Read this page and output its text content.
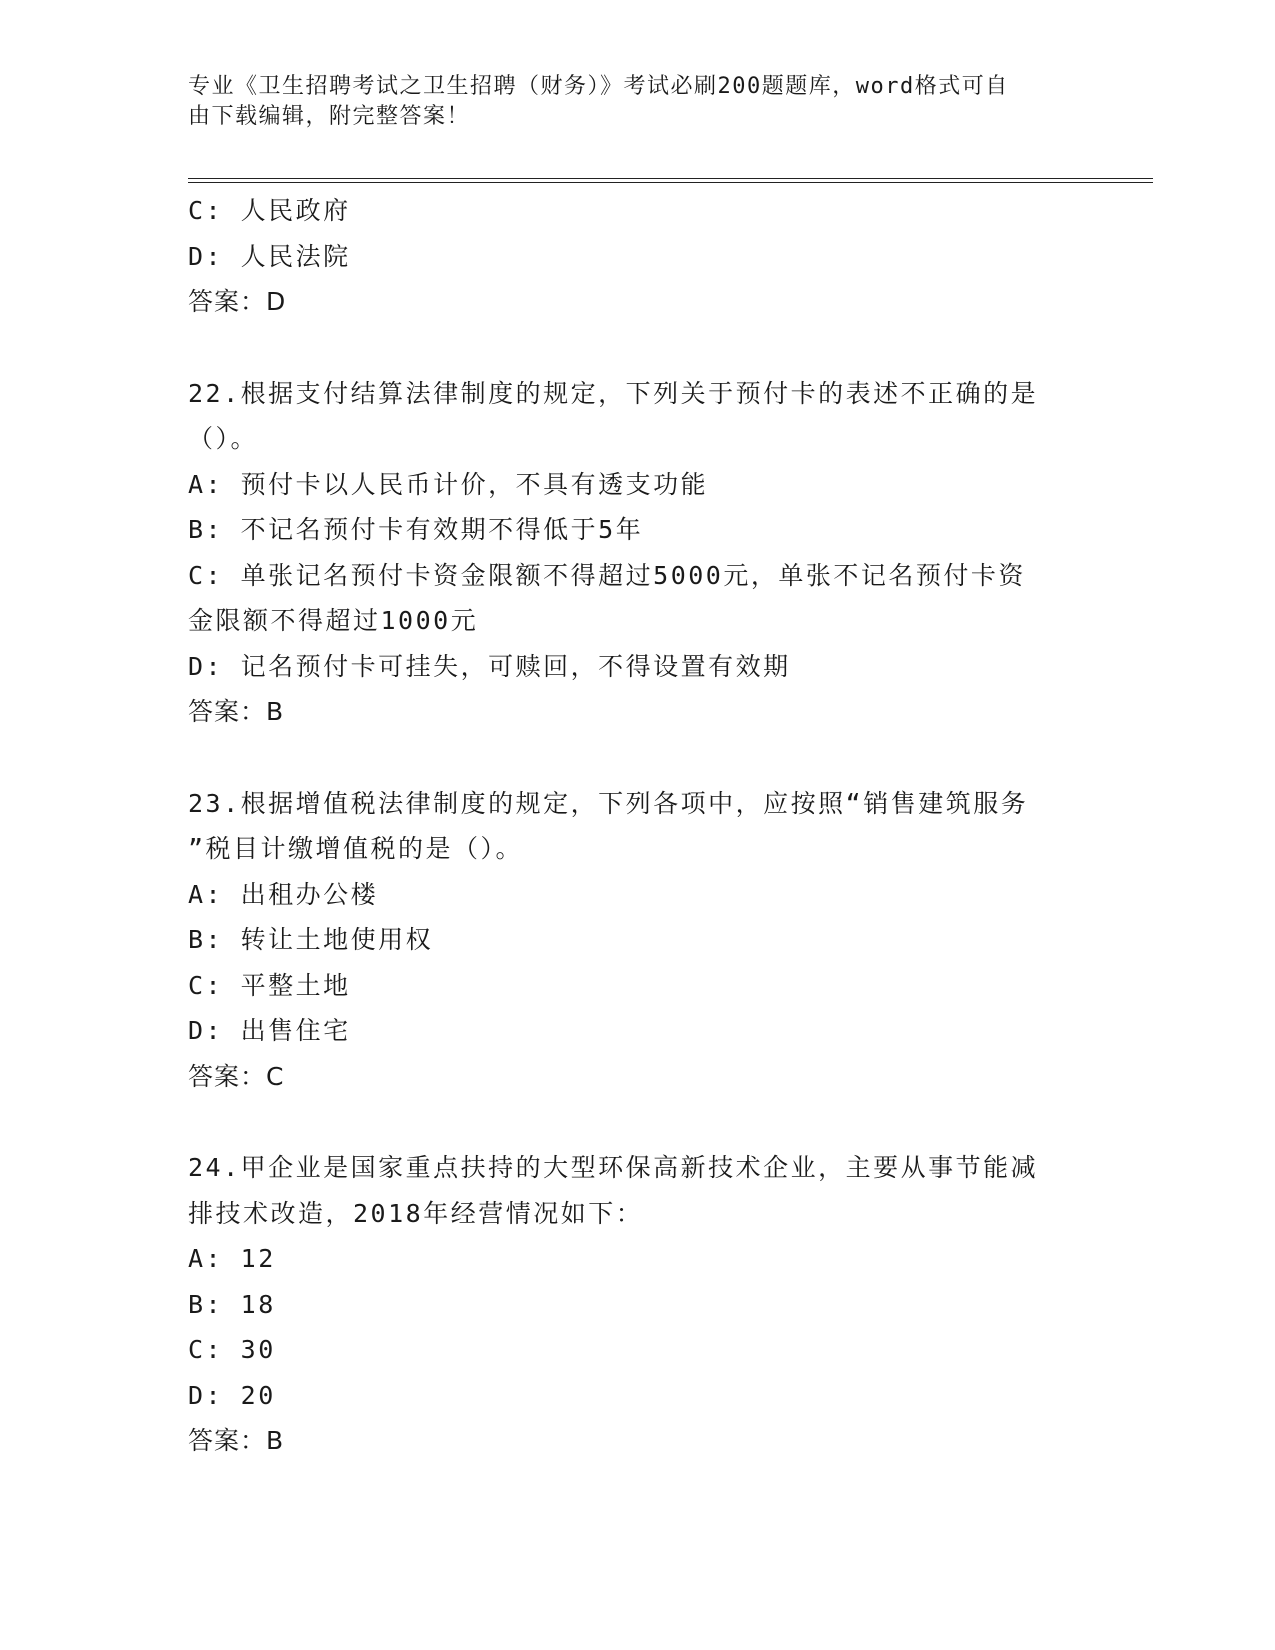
专业《卫生招聘考试之卫生招聘（财务）》考试必刷200题题库，word格式可自
由下载编辑，附完整答案！
C: 人民政府
D: 人民法院
答案：D
22.根据支付结算法律制度的规定，下列关于预付卡的表述不正确的是
（）。
A: 预付卡以人民币计价，不具有透支功能
B: 不记名预付卡有效期不得低于5年
C: 单张记名预付卡资金限额不得超过5000元，单张不记名预付卡资
金限额不得超过1000元
D: 记名预付卡可挂失，可赎回，不得设置有效期
答案：B
23.根据增值税法律制度的规定，下列各项中，应按照“销售建筑服务
”税目计缴增值税的是（）。
A: 出租办公楼
B: 转让土地使用权
C: 平整土地
D: 出售住宅
答案：C
24.甲企业是国家重点扶持的大型环保高新技术企业，主要从事节能减
排技术改造，2018年经营情况如下：
A: 12
B: 18
C: 30
D: 20
答案：B
